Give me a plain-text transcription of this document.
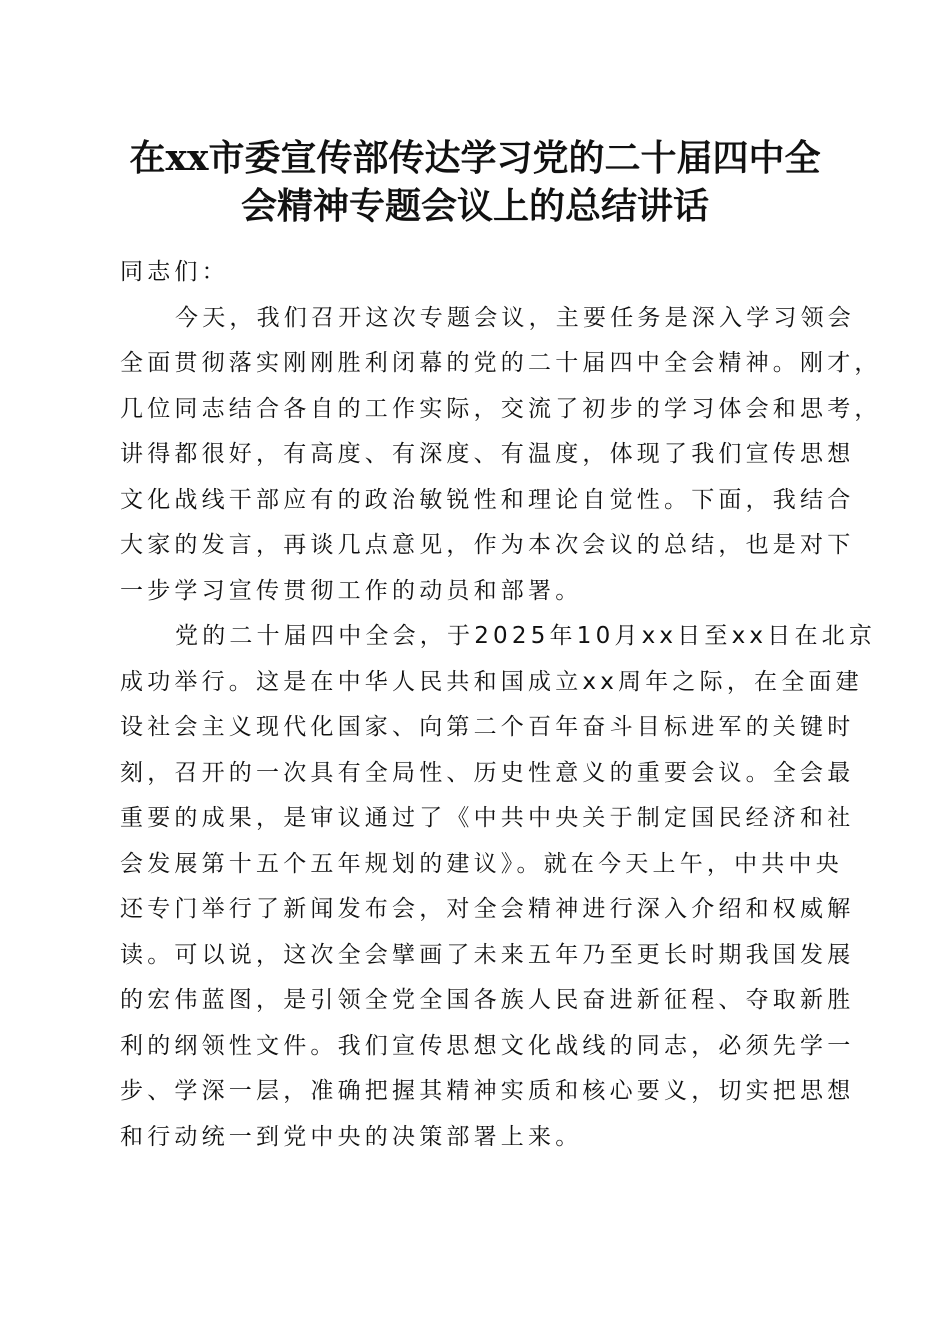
在xx市委宣传部传达学习党的二十届四中全
会精神专题会议上的总结讲话
同志们：
今天，我们召开这次专题会议，主要任务是深入学习领会
全面贯彻落实刚刚胜利闭幕的党的二十届四中全会精神。刚才，
几位同志结合各自的工作实际，交流了初步的学习体会和思考，
讲得都很好，有高度、有深度、有温度，体现了我们宣传思想
文化战线干部应有的政治敏锐性和理论自觉性。下面，我结合
大家的发言，再谈几点意见，作为本次会议的总结，也是对下
一步学习宣传贯彻工作的动员和部署。
党的二十届四中全会，于2025年10月xx日至xx日在北京
成功举行。这是在中华人民共和国成立xx周年之际，在全面建
设社会主义现代化国家、向第二个百年奋斗目标进军的关键时
刻，召开的一次具有全局性、历史性意义的重要会议。全会最
重要的成果，是审议通过了《中共中央关于制定国民经济和社
会发展第十五个五年规划的建议》。就在今天上午，中共中央
还专门举行了新闻发布会，对全会精神进行深入介绍和权威解
读。可以说，这次全会擘画了未来五年乃至更长时期我国发展
的宏伟蓝图，是引领全党全国各族人民奋进新征程、夺取新胜
利的纲领性文件。我们宣传思想文化战线的同志，必须先学一
步、学深一层，准确把握其精神实质和核心要义，切实把思想
和行动统一到党中央的决策部署上来。
